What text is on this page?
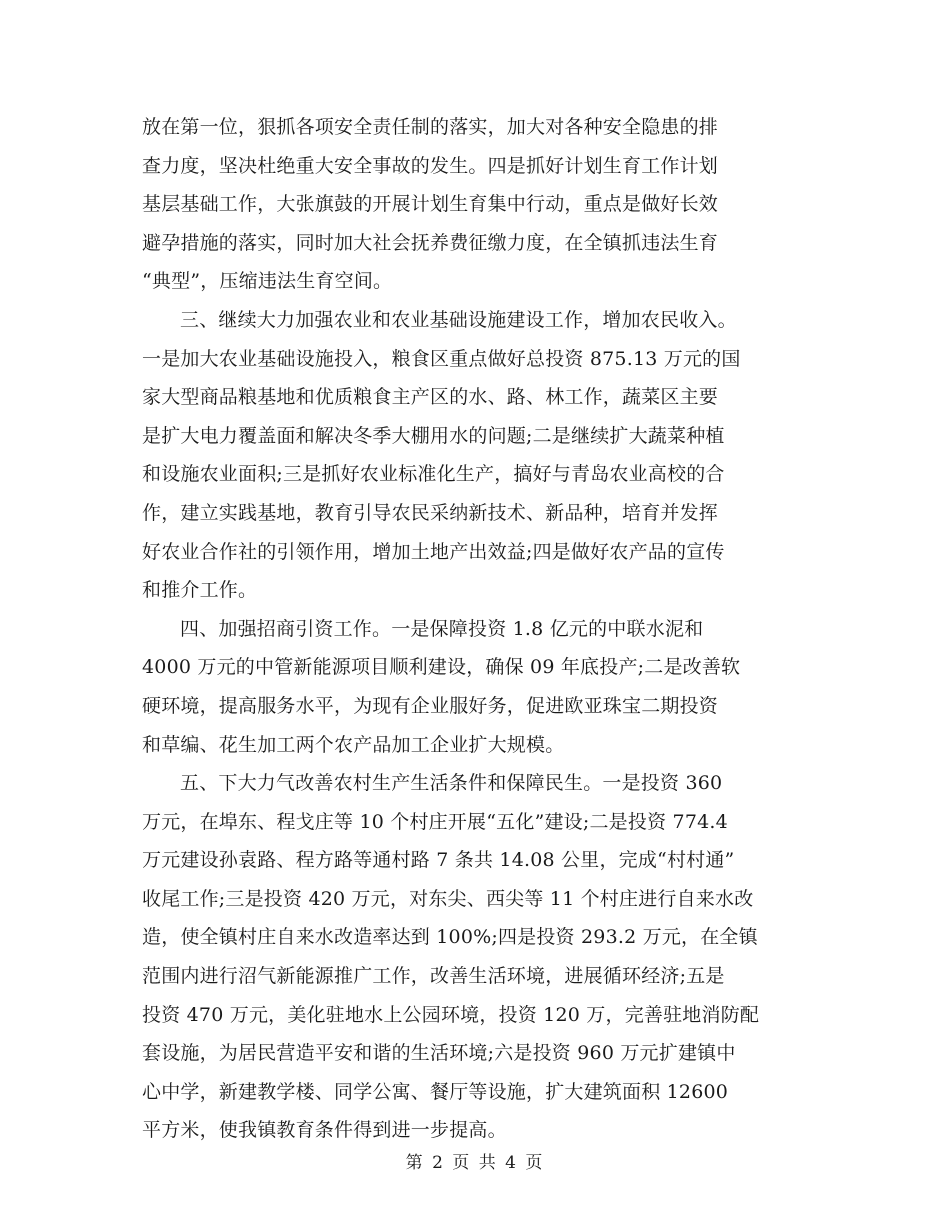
放在第一位，狠抓各项安全责任制的落实，加大对各种安全隐患的排
查力度，坚决杜绝重大安全事故的发生。四是抓好计划生育工作计划
基层基础工作，大张旗鼓的开展计划生育集中行动，重点是做好长效
避孕措施的落实，同时加大社会抚养费征缴力度，在全镇抓违法生育
“典型”，压缩违法生育空间。
三、继续大力加强农业和农业基础设施建设工作，增加农民收入。
一是加大农业基础设施投入，粮食区重点做好总投资 875.13 万元的国
家大型商品粮基地和优质粮食主产区的水、路、林工作，蔬菜区主要
是扩大电力覆盖面和解决冬季大棚用水的问题;二是继续扩大蔬菜种植
和设施农业面积;三是抓好农业标准化生产，搞好与青岛农业高校的合
作，建立实践基地，教育引导农民采纳新技术、新品种，培育并发挥
好农业合作社的引领作用，增加土地产出效益;四是做好农产品的宣传
和推介工作。
四、加强招商引资工作。一是保障投资 1.8 亿元的中联水泥和
4000 万元的中管新能源项目顺利建设，确保 09 年底投产;二是改善软
硬环境，提高服务水平，为现有企业服好务，促进欧亚珠宝二期投资
和草编、花生加工两个农产品加工企业扩大规模。
五、下大力气改善农村生产生活条件和保障民生。一是投资 360
万元，在埠东、程戈庄等 10 个村庄开展“五化”建设;二是投资 774.4
万元建设孙袁路、程方路等通村路 7 条共 14.08 公里，完成“村村通”
收尾工作;三是投资 420 万元，对东尖、西尖等 11 个村庄进行自来水改
造，使全镇村庄自来水改造率达到 100%;四是投资 293.2 万元，在全镇
范围内进行沼气新能源推广工作，改善生活环境，进展循环经济;五是
投资 470 万元，美化驻地水上公园环境，投资 120 万，完善驻地消防配
套设施，为居民营造平安和谐的生活环境;六是投资 960 万元扩建镇中
心中学，新建教学楼、同学公寓、餐厅等设施，扩大建筑面积 12600
平方米，使我镇教育条件得到进一步提高。
第 2 页 共 4 页
